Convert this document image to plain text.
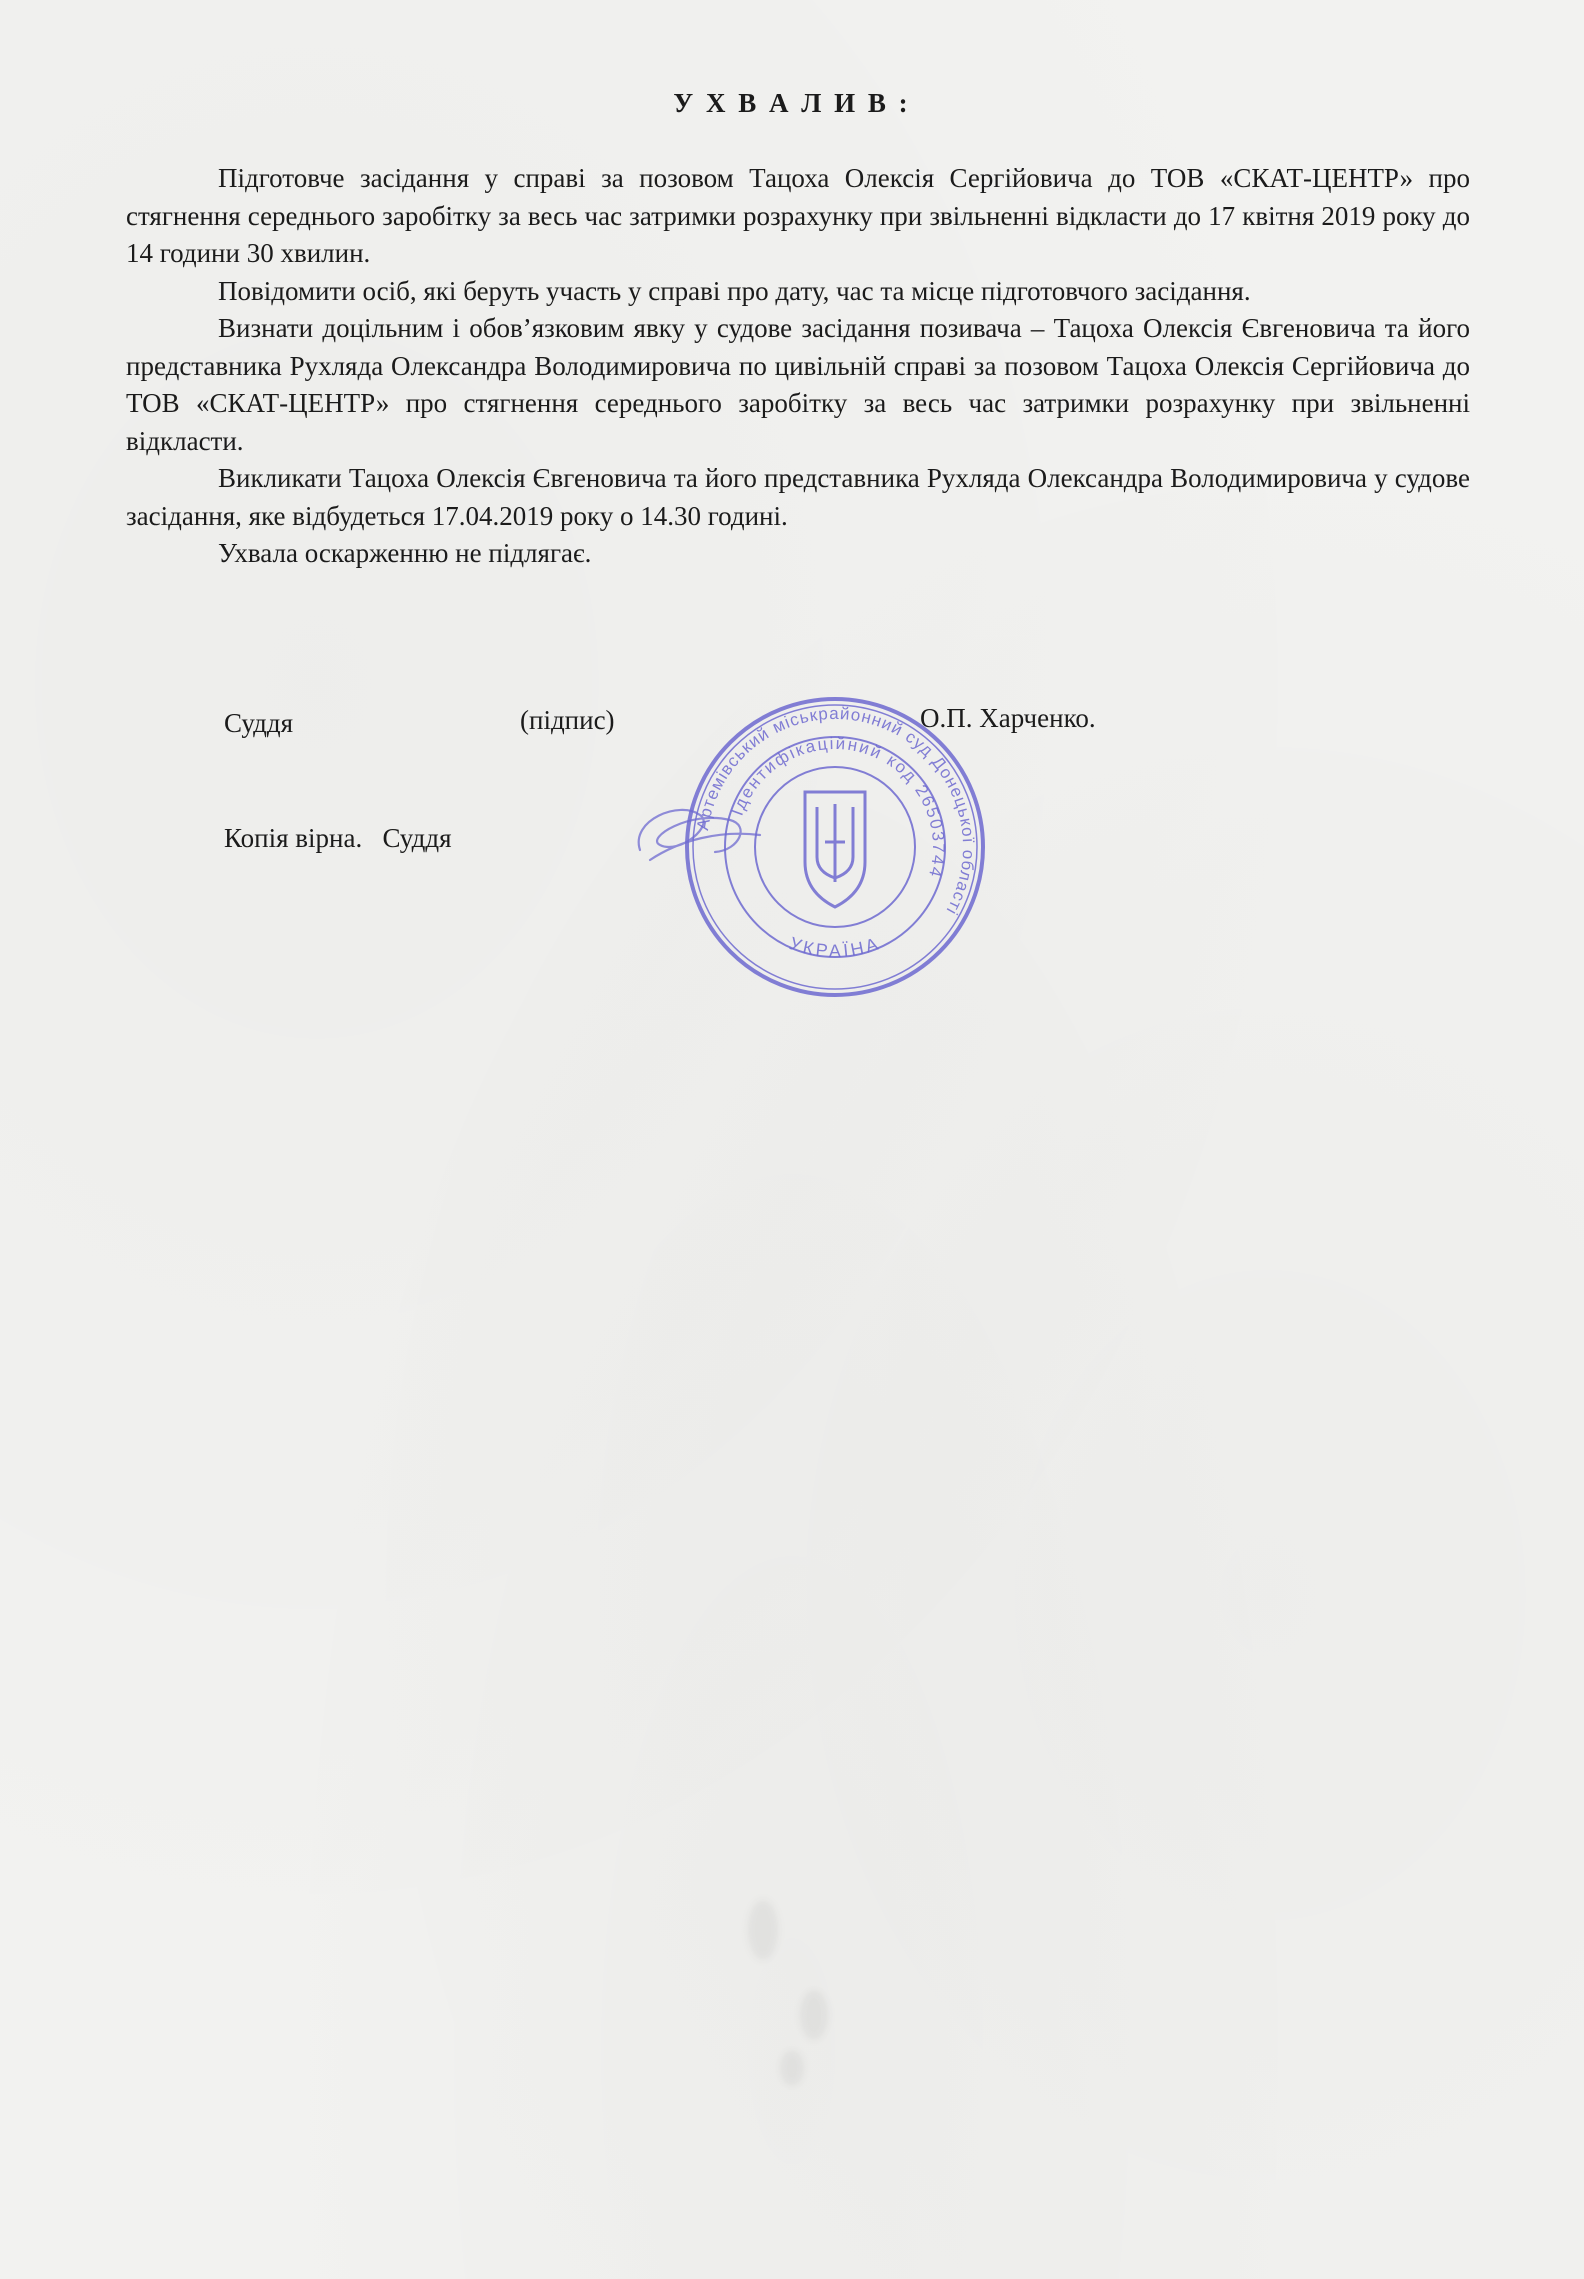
У Х В А Л И В :

Підготовче засідання у справі за позовом Тацоха Олексія Сергійовича до ТОВ «СКАТ-ЦЕНТР» про стягнення середнього заробітку за весь час затримки розрахунку при звільненні відкласти до 17 квітня 2019 року до 14 години 30 хвилин.

Повідомити осіб, які беруть участь у справі про дату, час та місце підготовчого засідання.

Визнати доцільним і обов’язковим явку у судове засідання позивача – Тацоха Олексія Євгеновича та його представника Рухляда Олександра Володимировича по цивільній справі за позовом Тацоха Олексія Сергійовича до ТОВ «СКАТ-ЦЕНТР» про стягнення середнього заробітку за весь час затримки розрахунку при звільненні відкласти.

Викликати Тацоха Олексія Євгеновича та його представника Рухляда Олександра Володимировича у судове засідання, яке відбудеться 17.04.2019 року о 14.30 годині.

Ухвала оскарженню не підлягає.

Суддя	(підпис)	О.П. Харченко.
Копія вірна.   Суддя	Артемівський міськрайонний суд Донецької області
Ідентифікаційний код 26503744
УКРАЇНА
